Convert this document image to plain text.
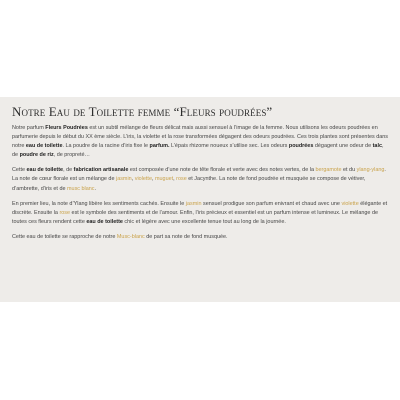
Notre Eau de Toilette femme “Fleurs poudrées”

Notre parfum Fleurs Poudrées est un subtil mélange de fleurs délicat mais aussi sensuel à l’image de la femme. Nous utilisons les odeurs poudrées en parfumerie depuis le début du XX ème siècle. L’iris, la violette et la rose transformées dégagent des odeurs poudrées. Ces trois plantes sont présentes dans notre eau de toilette. La poudre de la racine d’iris fixe le parfum. L’épais rhizome noueux s’utilise sec. Les odeurs poudrées dégagent une odeur de talc, de poudre de riz, de propreté…

Cette eau de toilette, de fabrication artisanale est composée d’une note de tête florale et verte avec des notes vertes, de la bergamote et du ylang-ylang. La note de cœur florale est un mélange de jasmin, violette, muguet, rose et Jacynthe. La note de fond poudrée et musquée se compose de vétiver, d’ambrette, d’iris et de musc blanc.

En premier lieu, la note d’Ylang libère les sentiments cachés. Ensuite le jasmin sensuel prodigue son parfum enivrant et chaud avec une violette élégante et discrète. Ensuite la rose est le symbole des sentiments et de l’amour. Enfin, l’iris précieux et essentiel est un parfum intense et lumineux. Le mélange de toutes ces fleurs rendent cette eau de toilette chic et légère avec une excellente tenue tout au long de la journée.

Cette eau de toilette se rapproche de notre Musc-blanc de part sa note de fond musquée.
